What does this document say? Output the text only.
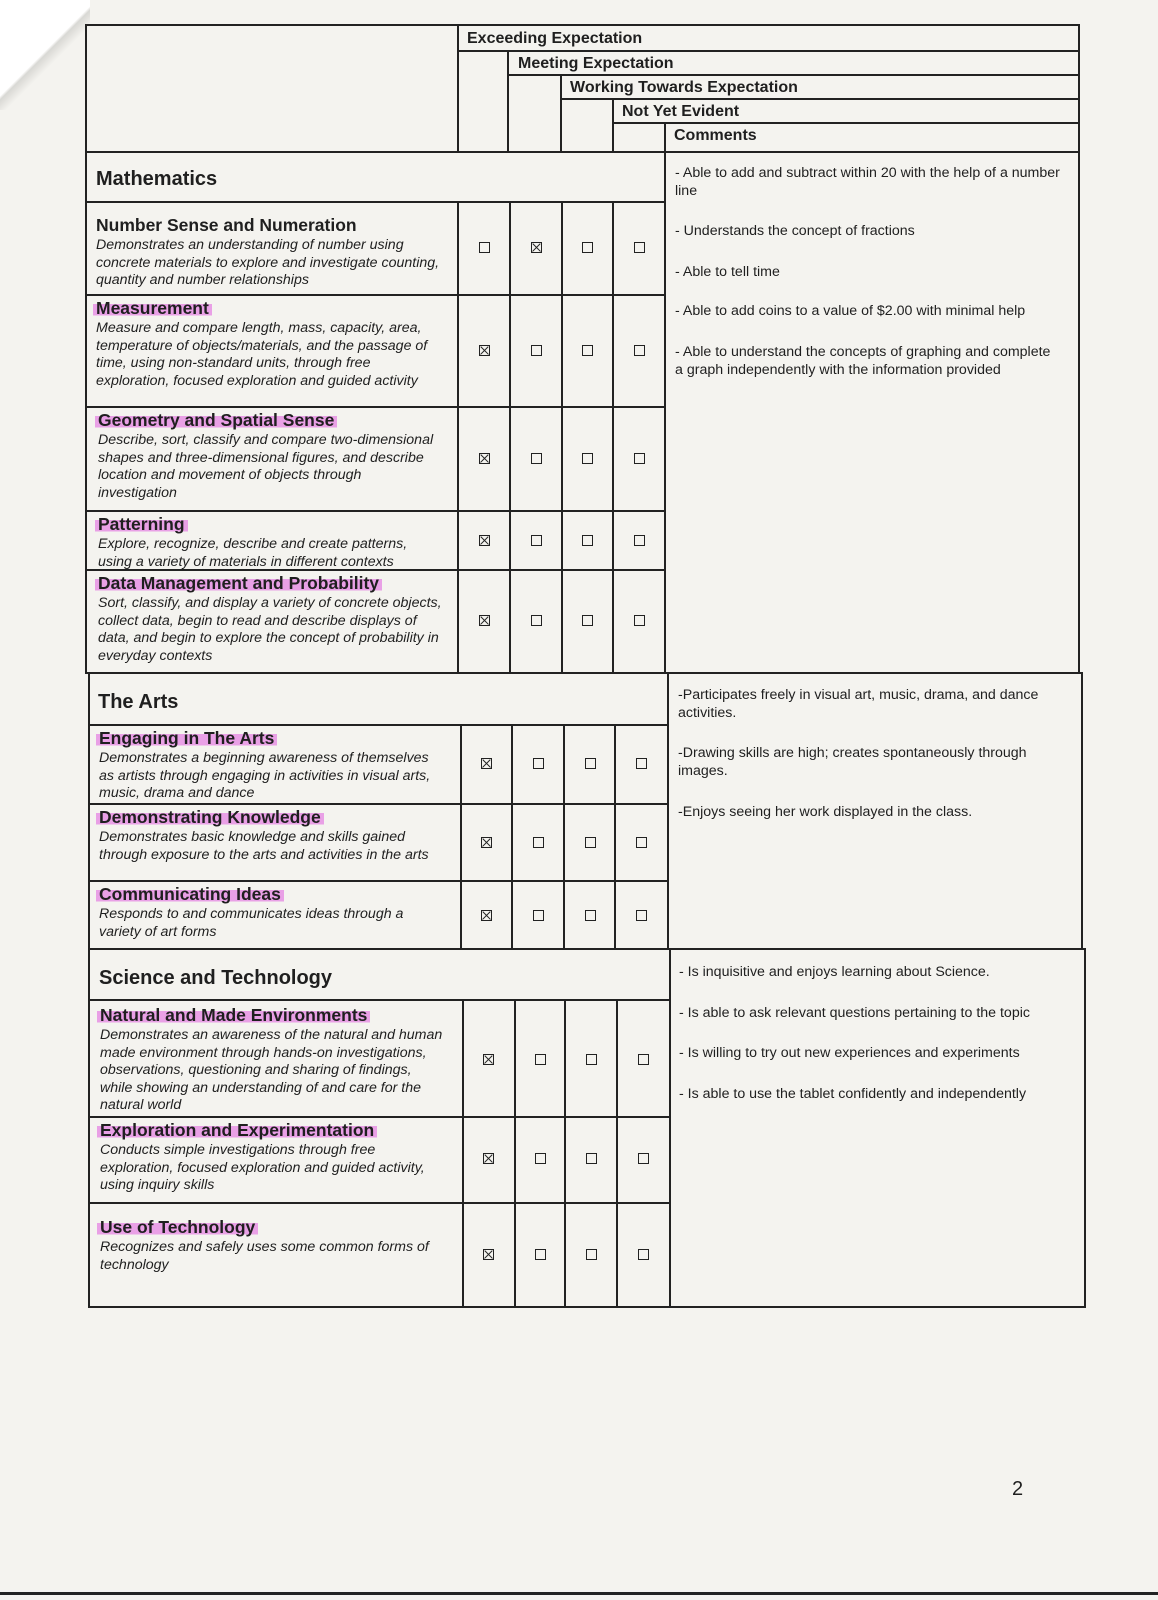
Exceeding Expectation
Meeting Expectation
Working Towards Expectation
Not Yet Evident
Comments
Mathematics
Number Sense and Numeration
Demonstrates an understanding of number using concrete materials to explore and investigate counting, quantity and number relationships
Measurement
Measure and compare length, mass, capacity, area, temperature of objects/materials, and the passage of time, using non-standard units, through free exploration, focused exploration and guided activity
Geometry and Spatial Sense
Describe, sort, classify and compare two-dimensional shapes and three-dimensional figures, and describe location and movement of objects through investigation
Patterning
Explore, recognize, describe and create patterns, using a variety of materials in different contexts
Data Management and Probability
Sort, classify, and display a variety of concrete objects, collect data, begin to read and describe displays of data, and begin to explore the concept of probability in everyday contexts
- Able to add and subtract within 20 with the help of a number line
- Understands the concept of fractions
- Able to tell time
- Able to add coins to a value of $2.00 with minimal help
- Able to understand the concepts of graphing and complete a graph independently with the information provided
The Arts
Engaging in The Arts
Demonstrates a beginning awareness of themselves as artists through engaging in activities in visual arts, music, drama and dance
Demonstrating Knowledge
Demonstrates basic knowledge and skills gained through exposure to the arts and activities in the arts
Communicating Ideas
Responds to and communicates ideas through a variety of art forms
-Participates freely in visual art, music, drama, and dance activities.
-Drawing skills are high; creates spontaneously through images.
-Enjoys seeing her work displayed in the class.
Science and Technology
Natural and Made Environments
Demonstrates an awareness of the natural and human made environment through hands-on investigations, observations, questioning and sharing of findings, while showing an understanding of and care for the natural world
Exploration and Experimentation
Conducts simple investigations through free exploration, focused exploration and guided activity, using inquiry skills
Use of Technology
Recognizes and safely uses some common forms of technology
- Is inquisitive and enjoys learning about Science.
- Is able to ask relevant questions pertaining to the topic
- Is willing to try out new experiences and experiments
- Is able to use the tablet confidently and independently
2
